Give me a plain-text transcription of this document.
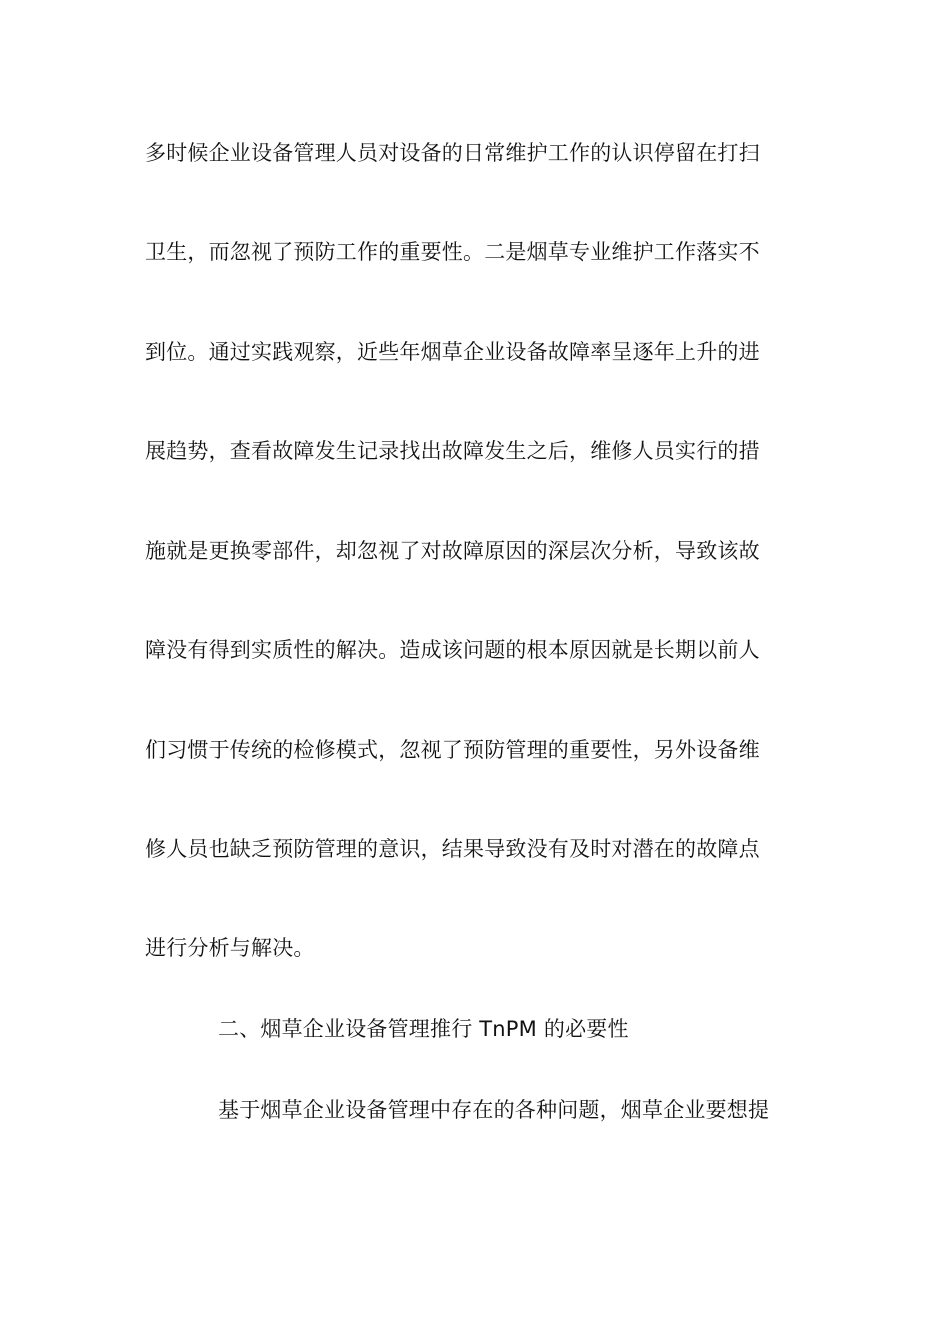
多时候企业设备管理人员对设备的日常维护工作的认识停留在打扫
卫生，而忽视了预防工作的重要性。二是烟草专业维护工作落实不
到位。通过实践观察，近些年烟草企业设备故障率呈逐年上升的进
展趋势，查看故障发生记录找出故障发生之后，维修人员实行的措
施就是更换零部件，却忽视了对故障原因的深层次分析，导致该故
障没有得到实质性的解决。造成该问题的根本原因就是长期以前人
们习惯于传统的检修模式，忽视了预防管理的重要性，另外设备维
修人员也缺乏预防管理的意识，结果导致没有及时对潜在的故障点
进行分析与解决。
二、烟草企业设备管理推行 TnPM 的必要性
基于烟草企业设备管理中存在的各种问题，烟草企业要想提
